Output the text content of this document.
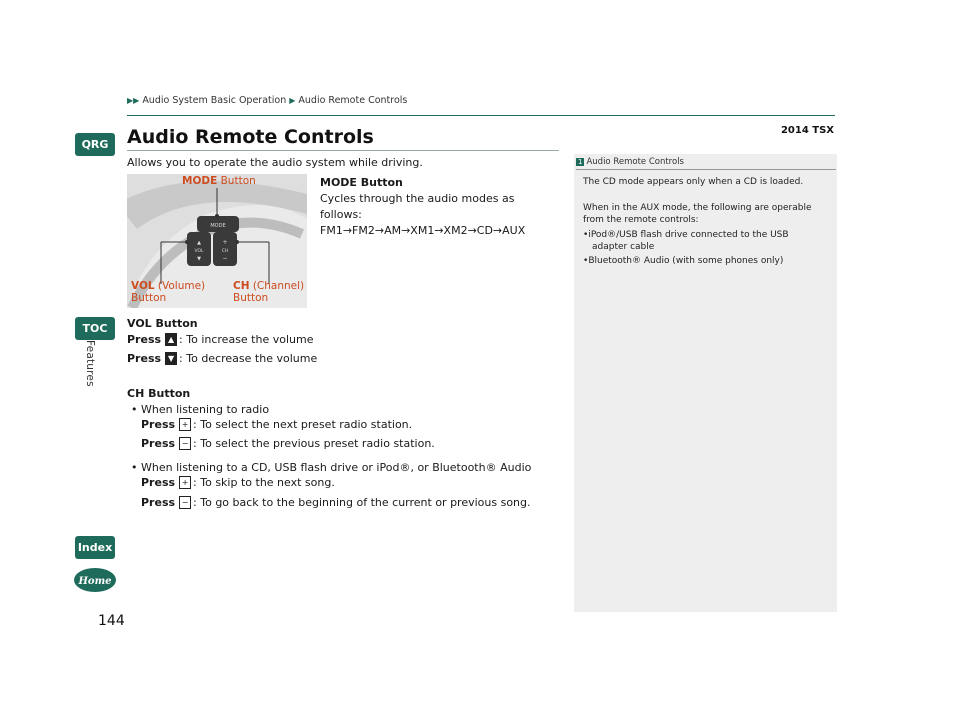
QRG
TOC
Features
Index
Home
▶▶ Audio System Basic Operation ▶ Audio Remote Controls
2014 TSX
Audio Remote Controls
Allows you to operate the audio system while driving.
MODE
▲
VOL
▼
+
CH
−
MODE Button
VOL (Volume)
Button
CH (Channel)
Button
MODE Button
Cycles through the audio modes as follows:
FM1→FM2→AM→XM1→XM2→CD→AUX
VOL Button
Press ▲ : To increase the volume
Press ▼ : To decrease the volume
CH Button
• When listening to radio
Press + : To select the next preset radio station.
Press − : To select the previous preset radio station.
• When listening to a CD, USB flash drive or iPod®, or Bluetooth® Audio
Press + : To skip to the next song.
Press − : To go back to the beginning of the current or previous song.
1 Audio Remote Controls
The CD mode appears only when a CD is loaded.
When in the AUX mode, the following are operable
from the remote controls:
•iPod®/USB flash drive connected to the USB
adapter cable
•Bluetooth® Audio (with some phones only)
144
